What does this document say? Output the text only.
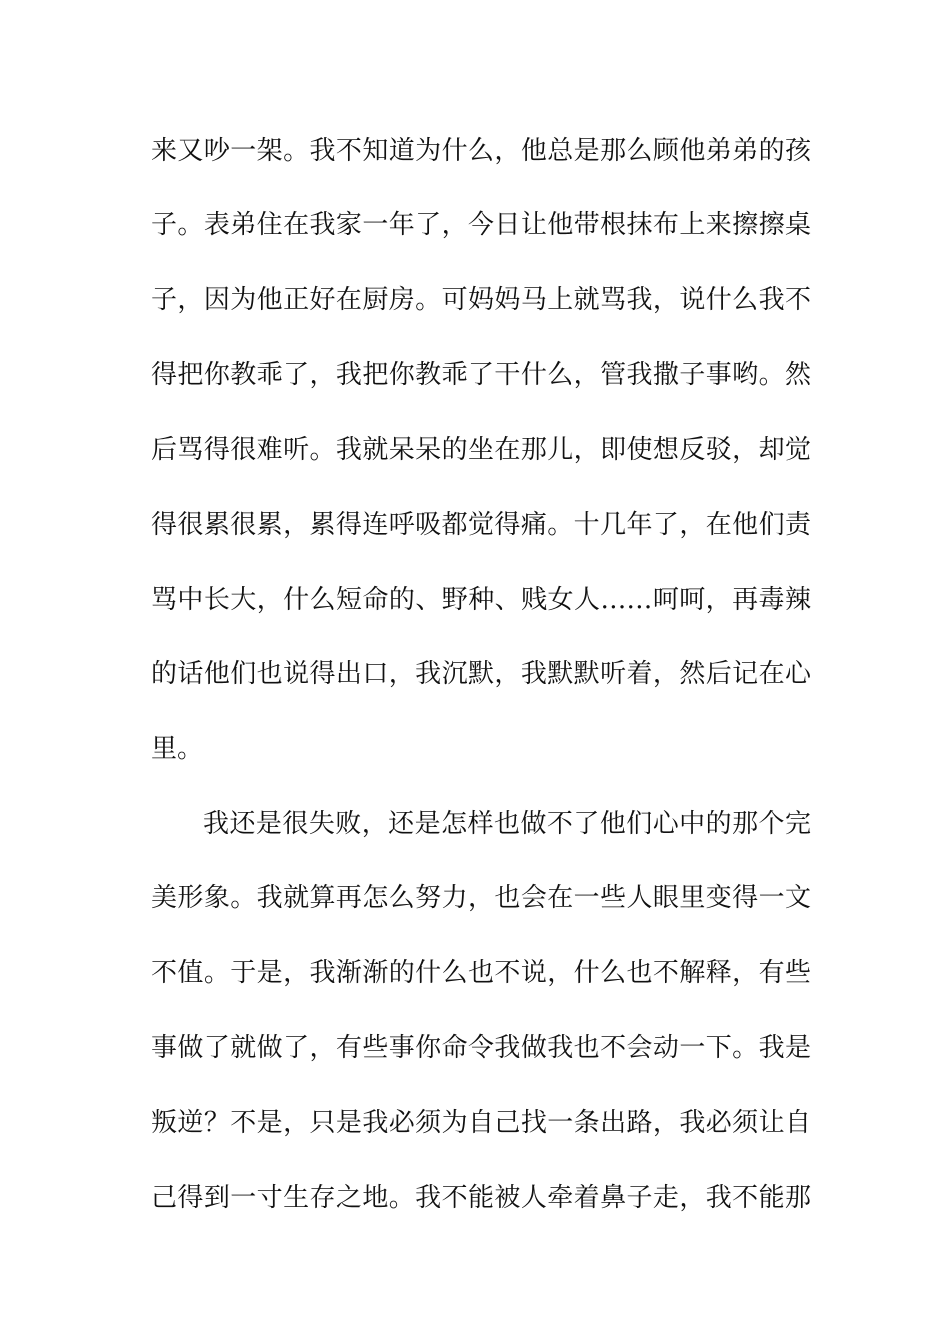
来又吵一架。我不知道为什么，他总是那么顾他弟弟的孩
子。表弟住在我家一年了，今日让他带根抹布上来擦擦桌
子，因为他正好在厨房。可妈妈马上就骂我，说什么我不
得把你教乖了，我把你教乖了干什么，管我撒子事哟。然
后骂得很难听。我就呆呆的坐在那儿，即使想反驳，却觉
得很累很累，累得连呼吸都觉得痛。十几年了，在他们责
骂中长大，什么短命的、野种、贱女人……呵呵，再毒辣
的话他们也说得出口，我沉默，我默默听着，然后记在心
里。
我还是很失败，还是怎样也做不了他们心中的那个完
美形象。我就算再怎么努力，也会在一些人眼里变得一文
不值。于是，我渐渐的什么也不说，什么也不解释，有些
事做了就做了，有些事你命令我做我也不会动一下。我是
叛逆？不是，只是我必须为自己找一条出路，我必须让自
己得到一寸生存之地。我不能被人牵着鼻子走，我不能那
